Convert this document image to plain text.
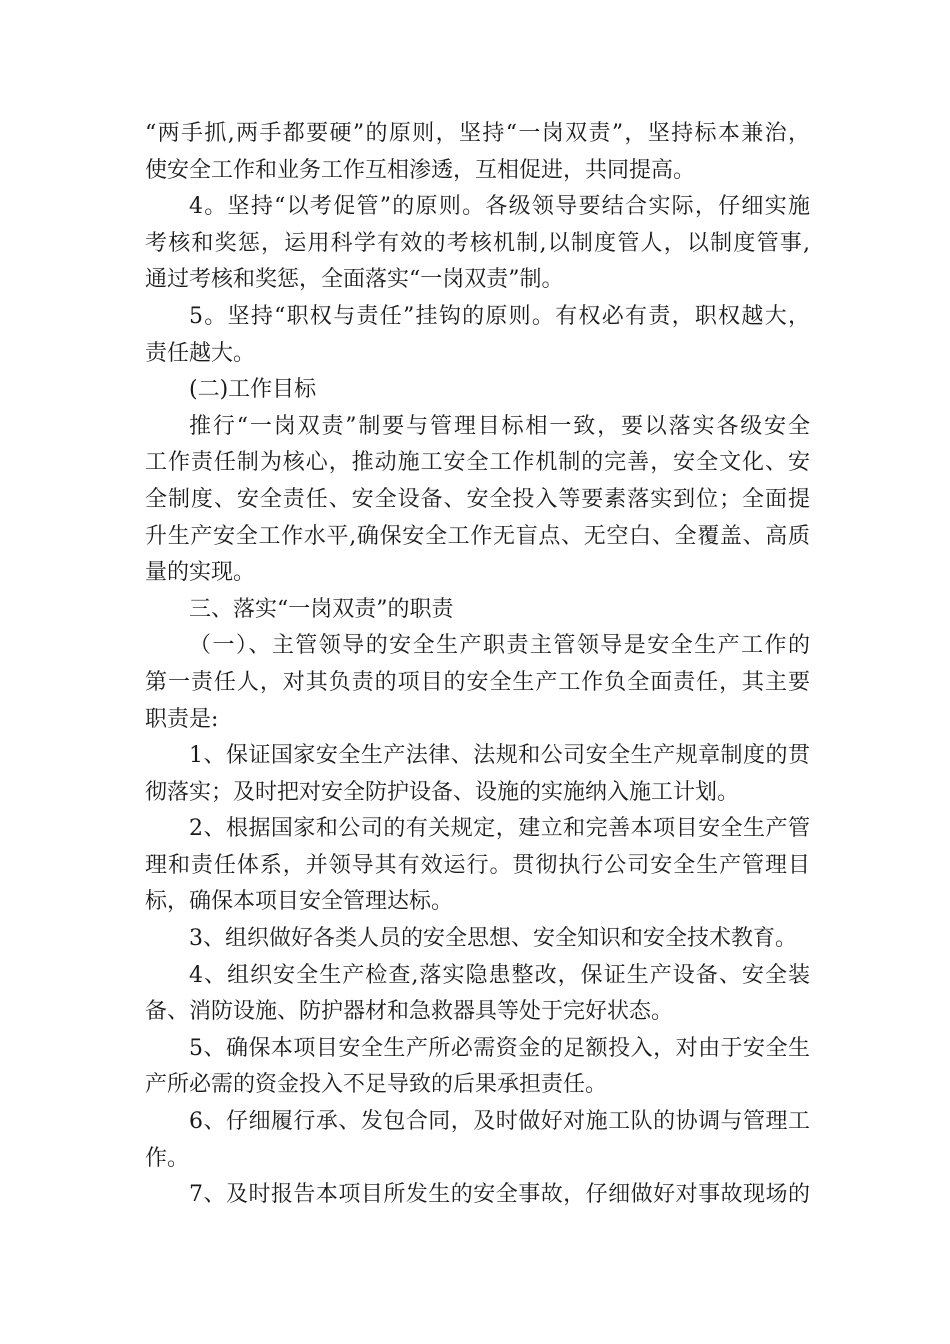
“两手抓,两手都要硬”的原则，坚持“一岗双责”，坚持标本兼治，
使安全工作和业务工作互相渗透，互相促进，共同提高。
4。坚持“以考促管”的原则。各级领导要结合实际，仔细实施
考核和奖惩，运用科学有效的考核机制,以制度管人，以制度管事,
通过考核和奖惩，全面落实“一岗双责”制。
5。坚持“职权与责任”挂钩的原则。有权必有责，职权越大，
责任越大。
(二)工作目标
推行“一岗双责”制要与管理目标相一致，要以落实各级安全
工作责任制为核心，推动施工安全工作机制的完善，安全文化、安
全制度、安全责任、安全设备、安全投入等要素落实到位；全面提
升生产安全工作水平,确保安全工作无盲点、无空白、全覆盖、高质
量的实现。
三、落实“一岗双责”的职责
（一）、主管领导的安全生产职责主管领导是安全生产工作的
第一责任人，对其负责的项目的安全生产工作负全面责任，其主要
职责是:
1、保证国家安全生产法律、法规和公司安全生产规章制度的贯
彻落实；及时把对安全防护设备、设施的实施纳入施工计划。
2、根据国家和公司的有关规定，建立和完善本项目安全生产管
理和责任体系，并领导其有效运行。贯彻执行公司安全生产管理目
标，确保本项目安全管理达标。
3、组织做好各类人员的安全思想、安全知识和安全技术教育。
4、组织安全生产检查,落实隐患整改，保证生产设备、安全装
备、消防设施、防护器材和急救器具等处于完好状态。
5、确保本项目安全生产所必需资金的足额投入，对由于安全生
产所必需的资金投入不足导致的后果承担责任。
6、仔细履行承、发包合同，及时做好对施工队的协调与管理工
作。
7、及时报告本项目所发生的安全事故，仔细做好对事故现场的
